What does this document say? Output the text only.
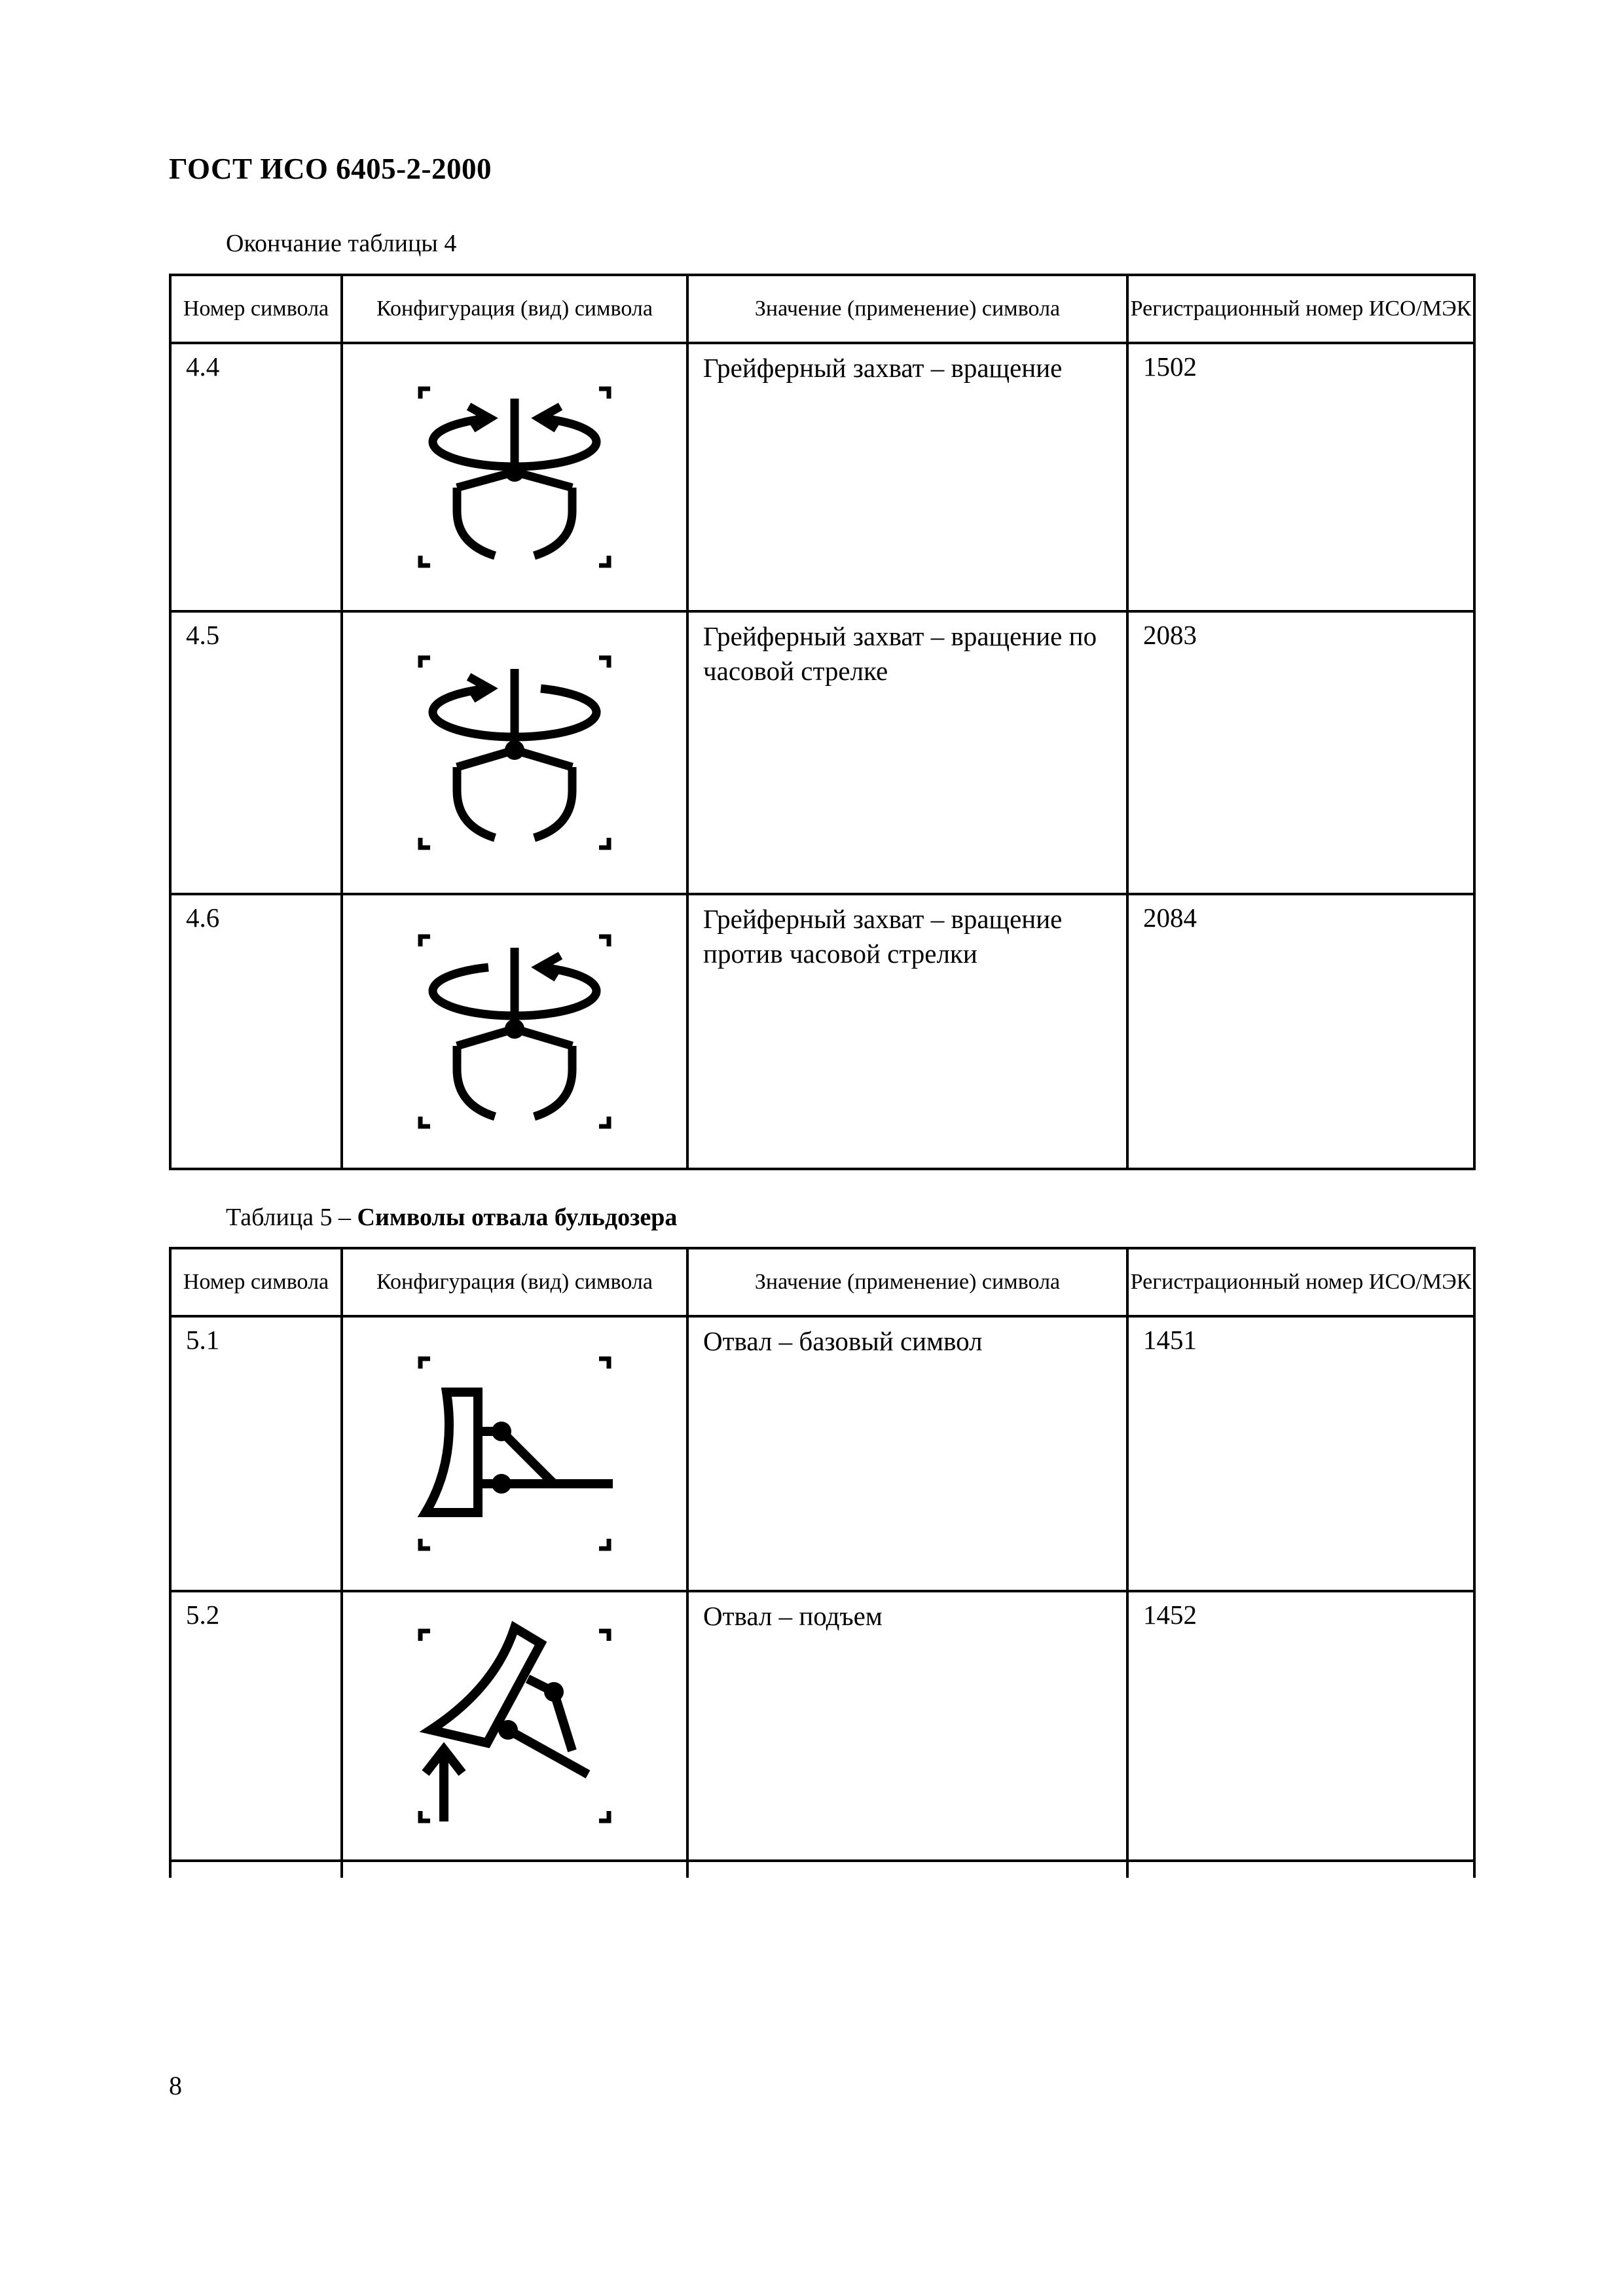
ГОСТ ИСО 6405-2-2000
Окончание таблицы 4
Номер символа	Конфигурация (вид) символа	Значение (применение) символа	Регистрационный номер ИСО/МЭК
4.4		Грейферный захват – вращение	1502
4.5		Грейферный захват – вращение по часовой стрелке	2083
4.6		Грейферный захват – вращение против часовой стрелки	2084
Таблица 5 – Символы отвала бульдозера
Номер символа	Конфигурация (вид) символа	Значение (применение) символа	Регистрационный номер ИСО/МЭК
5.1		Отвал – базовый символ	1451
5.2		Отвал – подъем	1452

8
